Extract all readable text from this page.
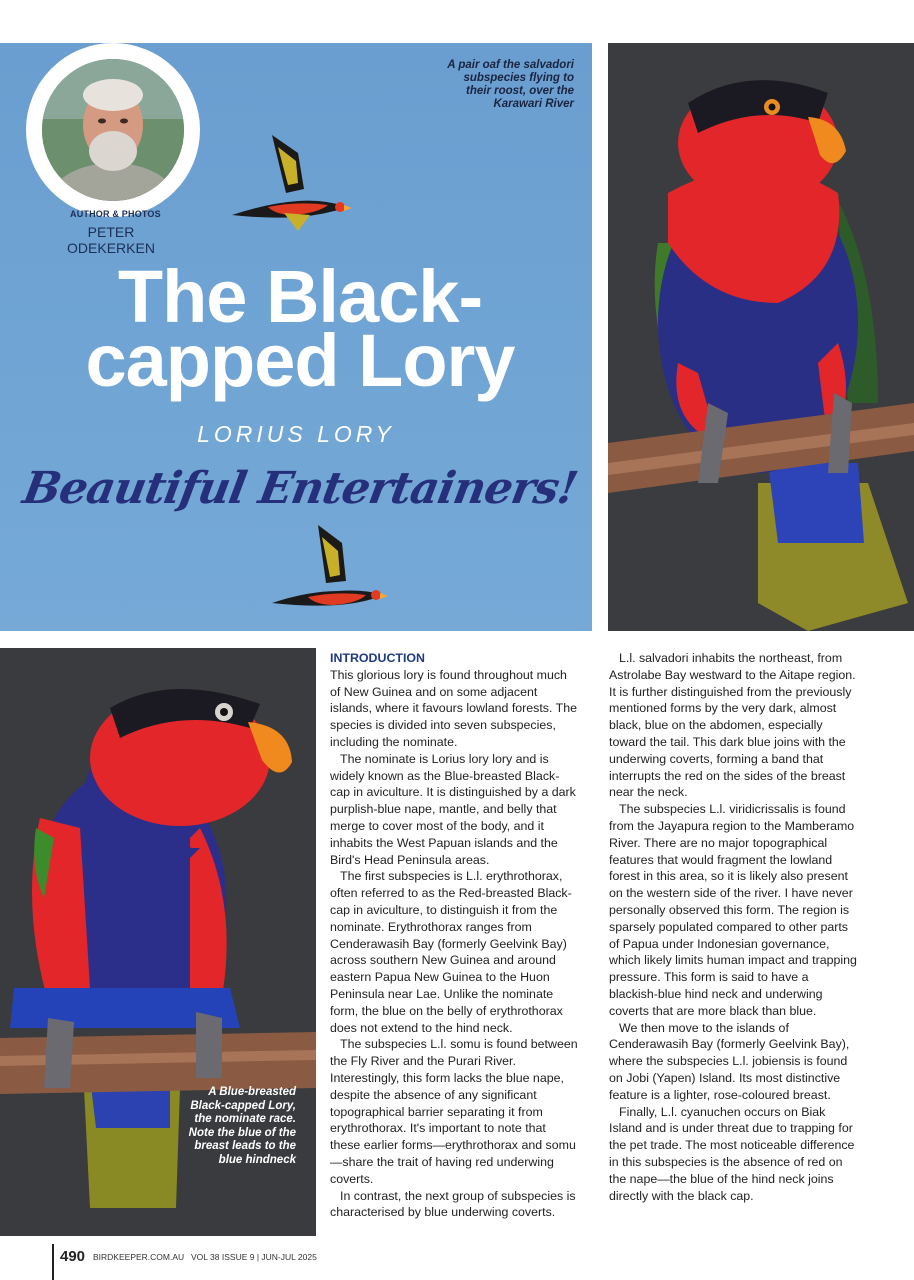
AUTHOR & PHOTOS
PETER
ODEKERKEN
A pair oaf the salvadori subspecies flying to their roost, over the Karawari River
The Black-
capped Lory
LORIUS LORY
Beautiful Entertainers!
A Blue-breasted Black-capped Lory, the nominate race. Note the blue of the breast leads to the blue hindneck
INTRODUCTION

This glorious lory is found throughout much of New Guinea and on some adjacent islands, where it favours lowland forests. The species is divided into seven subspecies, including the nominate.

The nominate is Lorius lory lory and is widely known as the Blue-breasted Black-cap in aviculture. It is distinguished by a dark purplish-blue nape, mantle, and belly that merge to cover most of the body, and it inhabits the West Papuan islands and the Bird's Head Peninsula areas.

The first subspecies is L.l. erythrothorax, often referred to as the Red-breasted Black-cap in aviculture, to distinguish it from the nominate. Erythrothorax ranges from Cenderawasih Bay (formerly Geelvink Bay) across southern New Guinea and around eastern Papua New Guinea to the Huon Peninsula near Lae. Unlike the nominate form, the blue on the belly of erythrothorax does not extend to the hind neck.

The subspecies L.l. somu is found between the Fly River and the Purari River. Interestingly, this form lacks the blue nape, despite the absence of any significant topographical barrier separating it from erythrothorax. It's important to note that these earlier forms—erythrothorax and somu—share the trait of having red underwing coverts.

In contrast, the next group of subspecies is characterised by blue underwing coverts.

L.l. salvadori inhabits the northeast, from Astrolabe Bay westward to the Aitape region. It is further distinguished from the previously mentioned forms by the very dark, almost black, blue on the abdomen, especially toward the tail. This dark blue joins with the underwing coverts, forming a band that interrupts the red on the sides of the breast near the neck.

The subspecies L.l. viridicrissalis is found from the Jayapura region to the Mamberamo River. There are no major topographical features that would fragment the lowland forest in this area, so it is likely also present on the western side of the river. I have never personally observed this form. The region is sparsely populated compared to other parts of Papua under Indonesian governance, which likely limits human impact and trapping pressure. This form is said to have a blackish-blue hind neck and underwing coverts that are more black than blue.

We then move to the islands of Cenderawasih Bay (formerly Geelvink Bay), where the subspecies L.l. jobiensis is found on Jobi (Yapen) Island. Its most distinctive feature is a lighter, rose-coloured breast.

Finally, L.l. cyanuchen occurs on Biak Island and is under threat due to trapping for the pet trade. The most noticeable difference in this subspecies is the absence of red on the nape—the blue of the hind neck joins directly with the black cap.

490 BIRDKEEPER.COM.AU VOL 38 ISSUE 9 | JUN-JUL 2025
